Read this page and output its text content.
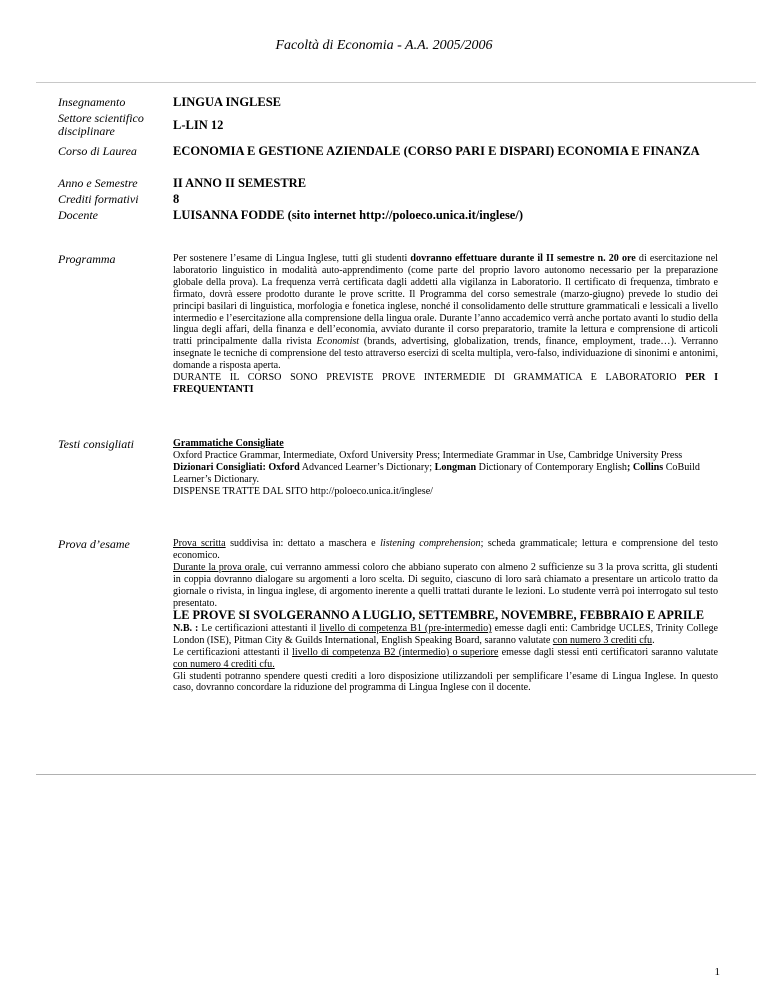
Facoltà di Economia - A.A. 2005/2006
Insegnamento	LINGUA INGLESE
Settore scientifico disciplinare	L-LIN 12
Corso di Laurea	ECONOMIA E GESTIONE AZIENDALE (CORSO PARI E DISPARI) ECONOMIA E FINANZA
Anno e Semestre	II ANNO II SEMESTRE
Crediti formativi	8
Docente	LUISANNA FODDE (sito internet http://poloeco.unica.it/inglese/)
Programma	Per sostenere l’esame di Lingua Inglese, tutti gli studenti dovranno effettuare durante il II semestre n. 20 ore di esercitazione nel laboratorio linguistico in modalità auto-apprendimento (come parte del proprio lavoro autonomo necessario per la preparazione globale della prova). La frequenza verrà certificata dagli addetti alla vigilanza in Laboratorio. Il certificato di frequenza, timbrato e firmato, dovrà essere prodotto durante le prove scritte. Il Programma del corso semestrale (marzo-giugno) prevede lo studio dei principi basilari di linguistica, morfologia e fonetica inglese, nonché il consolidamento delle strutture grammaticali e lessicali a livello intermedio e l’esercitazione alla comprensione della lingua orale. Durante l’anno accademico verrà anche portato avanti lo studio della lingua degli affari, della finanza e dell’economia, avviato durante il corso preparatorio, tramite la lettura e comprensione di articoli tratti principalmente dalla rivista Economist (brands, advertising, globalization, trends, finance, employment, trade…). Verranno insegnate le tecniche di comprensione del testo attraverso esercizi di scelta multipla, vero-falso, individuazione di sinonimi e antonimi, domande a risposta aperta.

DURANTE IL CORSO SONO PREVISTE PROVE INTERMEDIE DI GRAMMATICA E LABORATORIO PER I FREQUENTANTI

Testi consigliati	Grammatiche Consigliate

Oxford Practice Grammar, Intermediate, Oxford University Press; Intermediate Grammar in Use, Cambridge University Press

Dizionari Consigliati: Oxford Advanced Learner’s Dictionary; Longman Dictionary of Contemporary English; Collins CoBuild Learner’s Dictionary.

DISPENSE TRATTE DAL SITO http://poloeco.unica.it/inglese/

Prova d’esame	Prova scritta suddivisa in: dettato a maschera e listening comprehension; scheda grammaticale; lettura e comprensione del testo economico.

Durante la prova orale, cui verranno ammessi coloro che abbiano superato con almeno 2 sufficienze su 3 la prova scritta, gli studenti in coppia dovranno dialogare su argomenti a loro scelta. Di seguito, ciascuno di loro sarà chiamato a presentare un articolo tratto da giornale o rivista, in lingua inglese, di argomento inerente a quelli trattati durante le lezioni. Lo studente verrà poi interrogato sul testo presentato.

LE PROVE SI SVOLGERANNO A LUGLIO, SETTEMBRE, NOVEMBRE, FEBBRAIO E APRILE

N.B. : Le certificazioni attestanti il livello di competenza B1 (pre-intermedio) emesse dagli enti: Cambridge UCLES, Trinity College London (ISE), Pitman City & Guilds International, English Speaking Board, saranno valutate con numero 3 crediti cfu.

Le certificazioni attestanti il livello di competenza B2 (intermedio) o superiore emesse dagli stessi enti certificatori saranno valutate con numero 4 crediti cfu.

Gli studenti potranno spendere questi crediti a loro disposizione utilizzandoli per semplificare l’esame di Lingua Inglese. In questo caso, dovranno concordare la riduzione del programma di Lingua Inglese con il docente.

1
